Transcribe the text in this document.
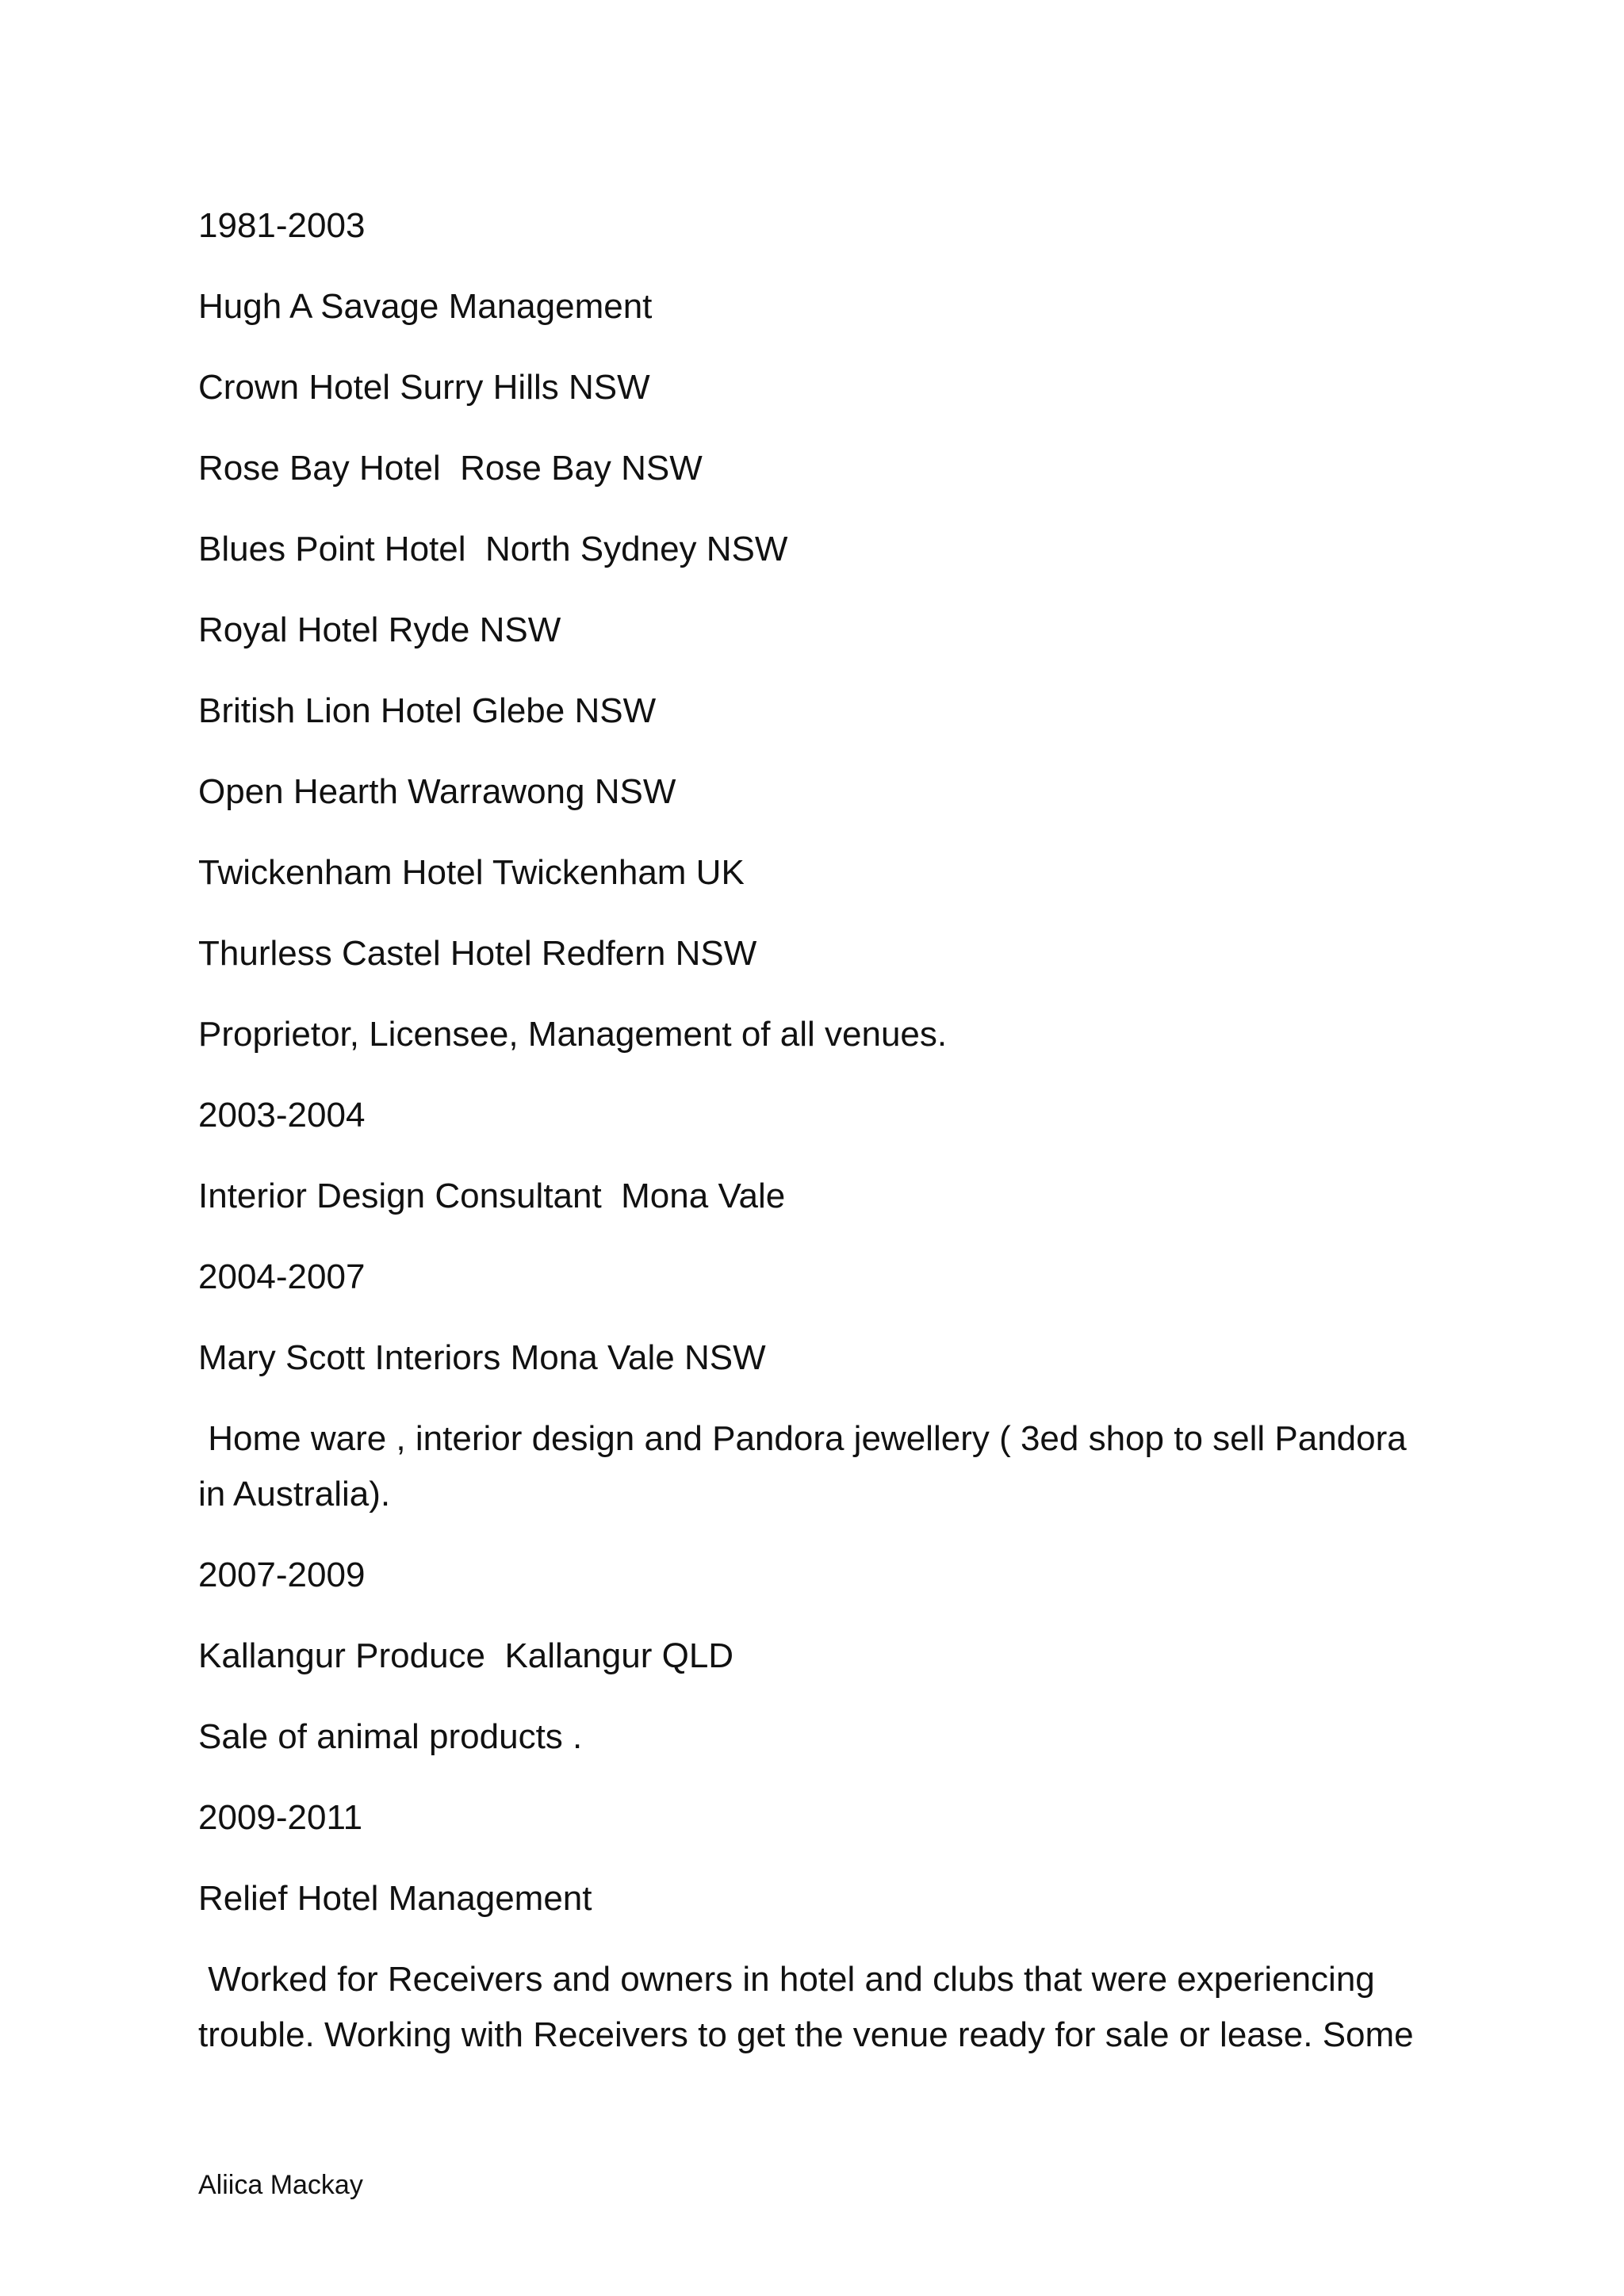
1981-2003

Hugh A Savage Management

Crown Hotel Surry Hills NSW

Rose Bay Hotel  Rose Bay NSW

Blues Point Hotel  North Sydney NSW

Royal Hotel Ryde NSW

British Lion Hotel Glebe NSW

Open Hearth Warrawong NSW

Twickenham Hotel Twickenham UK

Thurless Castel Hotel Redfern NSW

Proprietor, Licensee, Management of all venues.

2003-2004

Interior Design Consultant  Mona Vale

2004-2007

Mary Scott Interiors Mona Vale NSW

Home ware , interior design and Pandora jewellery ( 3ed shop to sell Pandora in Australia).

2007-2009

Kallangur Produce  Kallangur QLD

Sale of animal products .

2009-2011

Relief Hotel Management

Worked for Receivers and owners in hotel and clubs that were experiencing trouble. Working with Receivers to get the venue ready for sale or lease. Some

Aliica Mackay
